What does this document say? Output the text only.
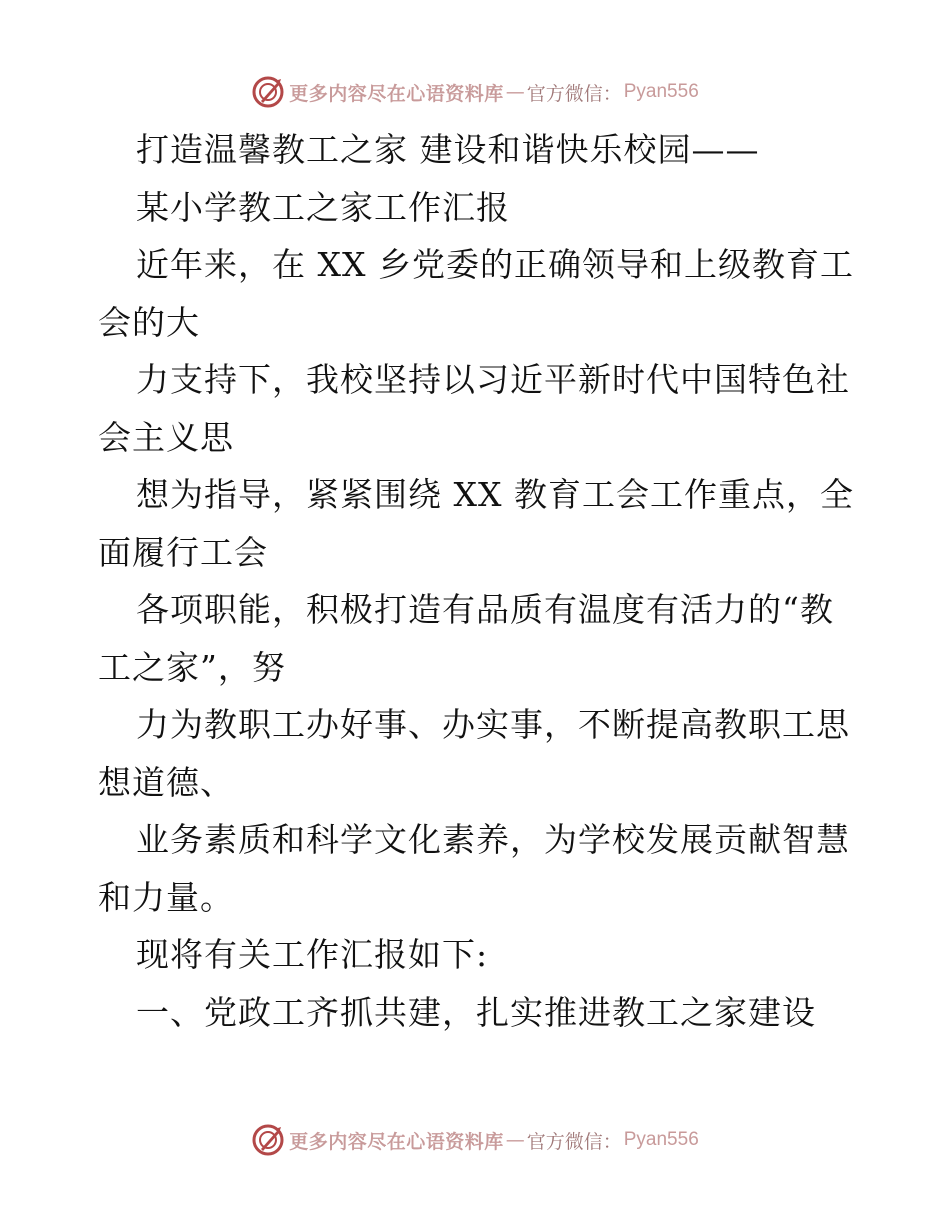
更多内容尽在心语资料库 — 官方微信： Pyan556
打造温馨教工之家 建设和谐快乐校园——
某小学教工之家工作汇报
近年来，在 XX 乡党委的正确领导和上级教育工
会的大
力支持下，我校坚持以习近平新时代中国特色社
会主义思
想为指导，紧紧围绕 XX 教育工会工作重点，全
面履行工会
各项职能，积极打造有品质有温度有活力的“教
工之家”，努
力为教职工办好事、办实事，不断提高教职工思
想道德、
业务素质和科学文化素养，为学校发展贡献智慧
和力量。
现将有关工作汇报如下:
一、党政工齐抓共建，扎实推进教工之家建设
更多内容尽在心语资料库 — 官方微信： Pyan556
